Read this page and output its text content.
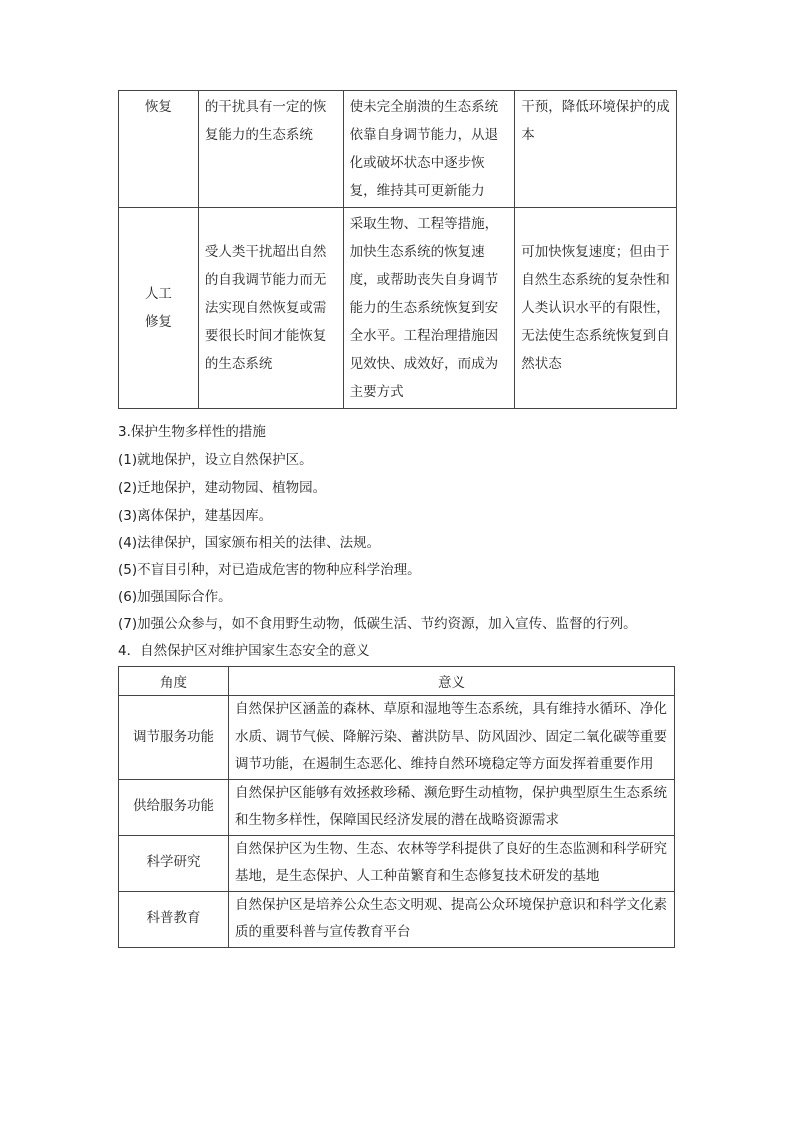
恢复	的干扰具有一定的恢复能力的生态系统	使未完全崩溃的生态系统依靠自身调节能力，从退化或破坏状态中逐步恢复，维持其可更新能力	干预，降低环境保护的成本

人工修复	受人类干扰超出自然的自我调节能力而无法实现自然恢复或需要很长时间才能恢复的生态系统	采取生物、工程等措施，加快生态系统的恢复速度，或帮助丧失自身调节能力的生态系统恢复到安全水平。工程治理措施因见效快、成效好，而成为主要方式	可加快恢复速度；但由于自然生态系统的复杂性和人类认识水平的有限性，无法使生态系统恢复到自然状态
3.保护生物多样性的措施
(1)就地保护，设立自然保护区。
(2)迁地保护，建动物园、植物园。
(3)离体保护，建基因库。
(4)法律保护，国家颁布相关的法律、法规。
(5)不盲目引种，对已造成危害的物种应科学治理。
(6)加强国际合作。
(7)加强公众参与，如不食用野生动物，低碳生活、节约资源，加入宣传、监督的行列。
4．自然保护区对维护国家生态安全的意义
角度	意义
调节服务功能	自然保护区涵盖的森林、草原和湿地等生态系统，具有维持水循环、净化水质、调节气候、降解污染、蓄洪防旱、防风固沙、固定二氧化碳等重要调节功能，在遏制生态恶化、维持自然环境稳定等方面发挥着重要作用
供给服务功能	自然保护区能够有效拯救珍稀、濒危野生动植物，保护典型原生生态系统和生物多样性，保障国民经济发展的潜在战略资源需求
科学研究	自然保护区为生物、生态、农林等学科提供了良好的生态监测和科学研究基地，是生态保护、人工种苗繁育和生态修复技术研发的基地
科普教育	自然保护区是培养公众生态文明观、提高公众环境保护意识和科学文化素质的重要科普与宣传教育平台
